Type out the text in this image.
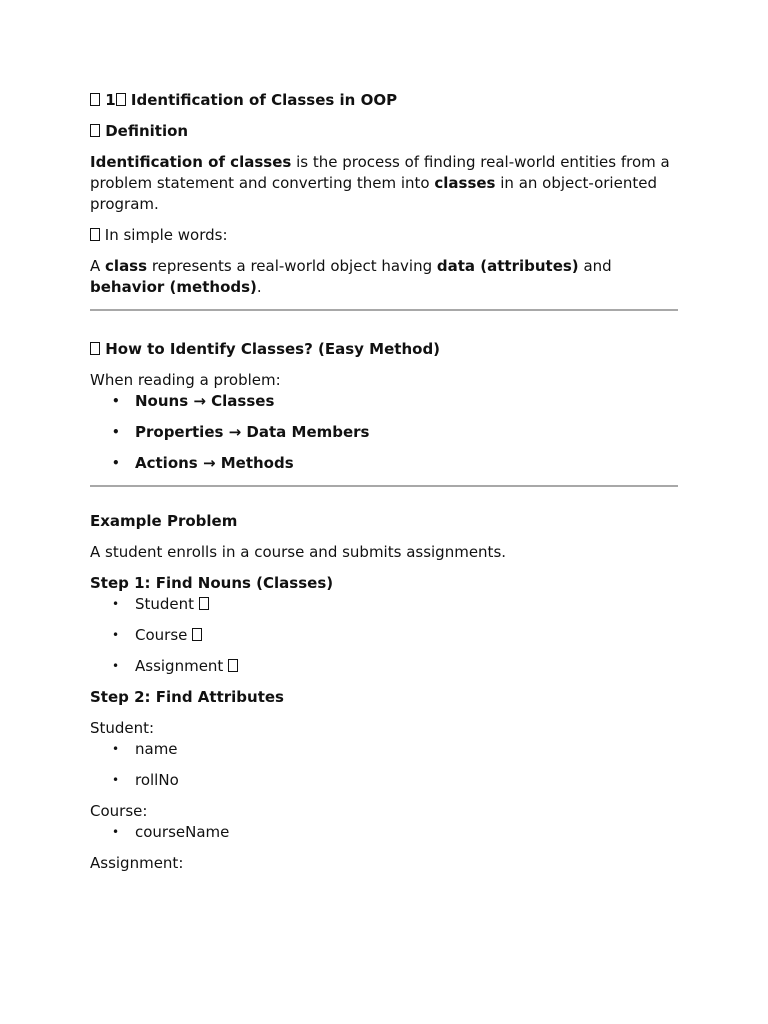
1 Identification of Classes in OOP

Definition

Identification of classes is the process of finding real-world entities from a problem statement and converting them into classes in an object-oriented program.

In simple words:

A class represents a real-world object having data (attributes) and behavior (methods).

How to Identify Classes? (Easy Method)

When reading a problem:

• Nouns → Classes
• Properties → Data Members
• Actions → Methods

Example Problem

A student enrolls in a course and submits assignments.

Step 1: Find Nouns (Classes)

• Student
• Course
• Assignment

Step 2: Find Attributes

Student:

• name
• rollNo

Course:

• courseName

Assignment:
